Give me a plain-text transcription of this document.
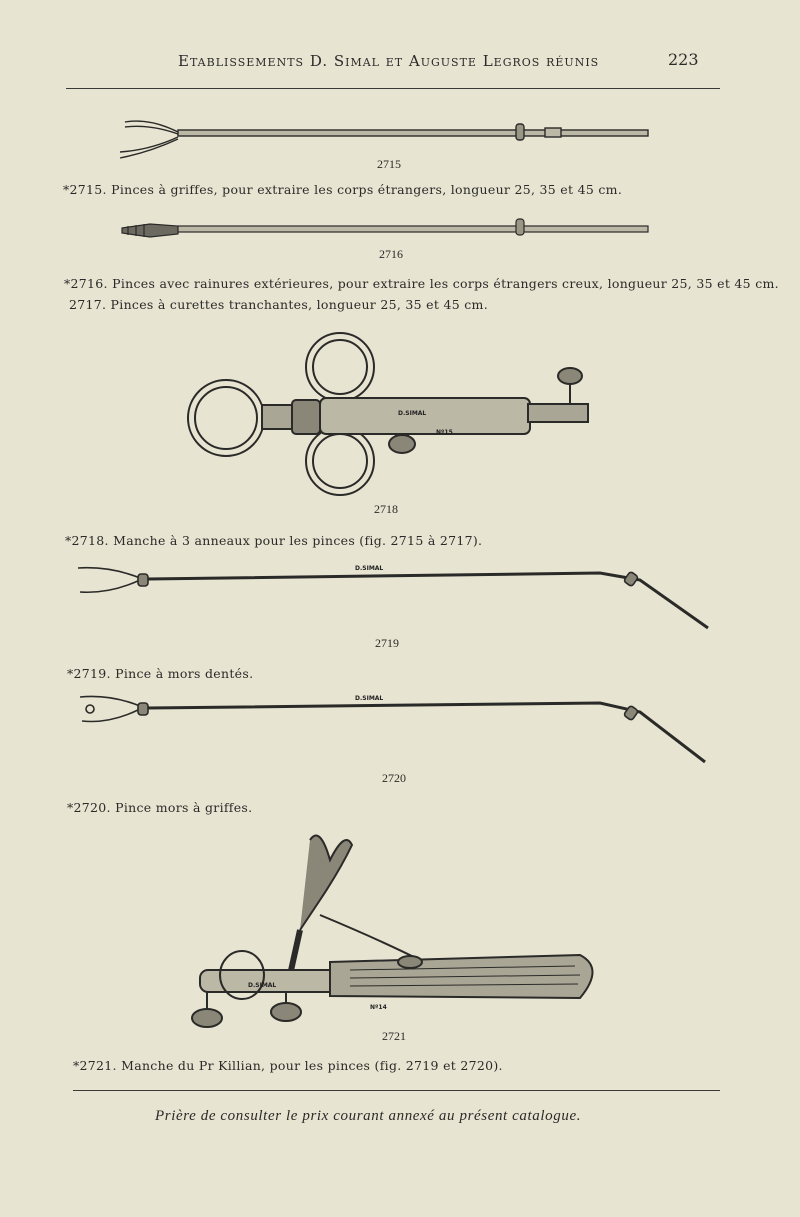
Etablissements D. Simal et Auguste Legros réunis	223
2715
*2715. Pinces à griffes, pour extraire les corps étrangers, longueur 25, 35 et 45 cm.
2716
*2716. Pinces avec rainures extérieures, pour extraire les corps étrangers creux, longueur 25, 35 et 45 cm.
2717. Pinces à curettes tranchantes, longueur 25, 35 et 45 cm.
D.SIMAL
Nº15
2718
*2718. Manche à 3 anneaux pour les pinces (fig. 2715 à 2717).
D.SIMAL
2719
*2719. Pince à mors dentés.
D.SIMAL
2720
*2720. Pince mors à griffes.
D.SIMAL
Nº14
2721
*2721. Manche du Pr Killian, pour les pinces (fig. 2719 et 2720).
Prière de consulter le prix courant annexé au présent catalogue.
